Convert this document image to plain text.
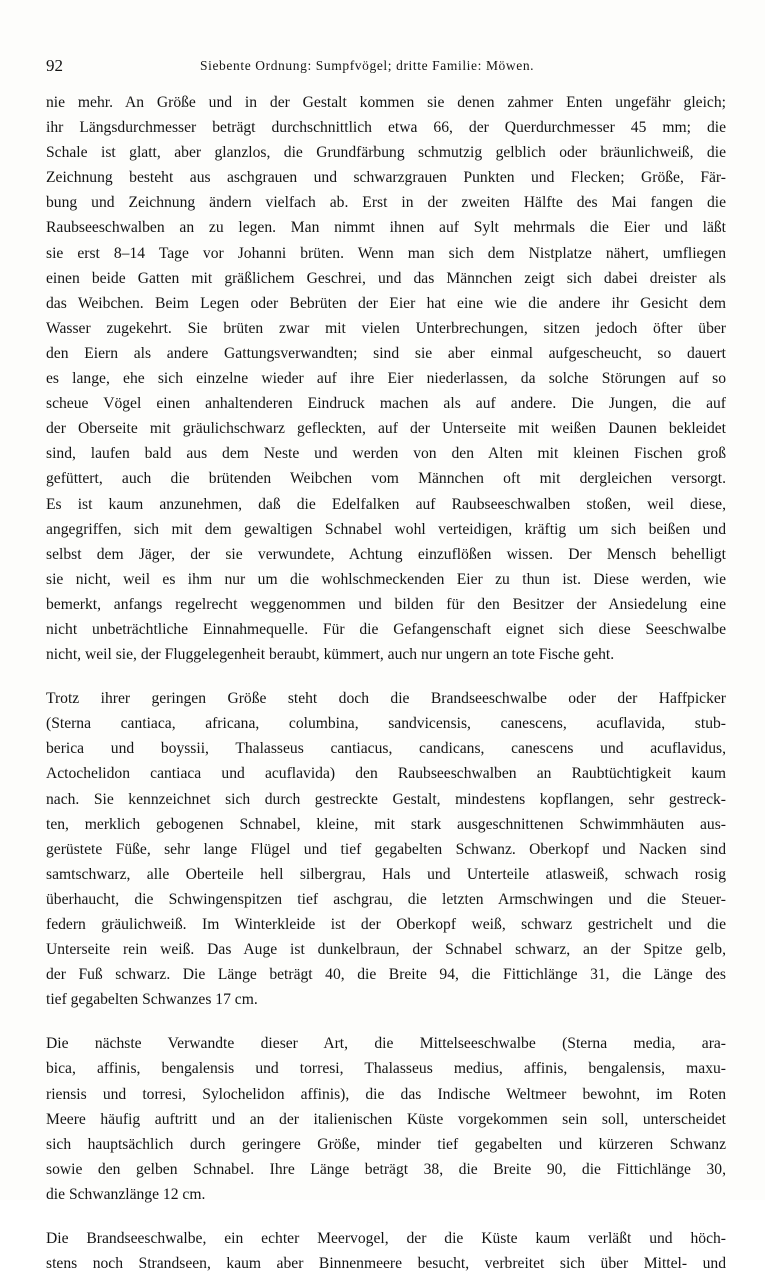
92	Siebente Ordnung: Sumpfvögel; dritte Familie: Möwen.

nie mehr. An Größe und in der Gestalt kommen sie denen zahmer Enten ungefähr gleich;
ihr Längsdurchmesser beträgt durchschnittlich etwa 66, der Querdurchmesser 45 mm; die
Schale ist glatt, aber glanzlos, die Grundfärbung schmutzig gelblich oder bräunlichweiß, die
Zeichnung besteht aus aschgrauen und schwarzgrauen Punkten und Flecken; Größe, Fär-
bung und Zeichnung ändern vielfach ab. Erst in der zweiten Hälfte des Mai fangen die
Raubseeschwalben an zu legen. Man nimmt ihnen auf Sylt mehrmals die Eier und läßt
sie erst 8–14 Tage vor Johanni brüten. Wenn man sich dem Nistplatze nähert, umfliegen
einen beide Gatten mit gräßlichem Geschrei, und das Männchen zeigt sich dabei dreister als
das Weibchen. Beim Legen oder Bebrüten der Eier hat eine wie die andere ihr Gesicht dem
Wasser zugekehrt. Sie brüten zwar mit vielen Unterbrechungen, sitzen jedoch öfter über
den Eiern als andere Gattungsverwandten; sind sie aber einmal aufgescheucht, so dauert
es lange, ehe sich einzelne wieder auf ihre Eier niederlassen, da solche Störungen auf so
scheue Vögel einen anhaltenderen Eindruck machen als auf andere. Die Jungen, die auf
der Oberseite mit gräulichschwarz gefleckten, auf der Unterseite mit weißen Daunen bekleidet
sind, laufen bald aus dem Neste und werden von den Alten mit kleinen Fischen groß
gefüttert, auch die brütenden Weibchen vom Männchen oft mit dergleichen versorgt.
Es ist kaum anzunehmen, daß die Edelfalken auf Raubseeschwalben stoßen, weil diese,
angegriffen, sich mit dem gewaltigen Schnabel wohl verteidigen, kräftig um sich beißen und
selbst dem Jäger, der sie verwundete, Achtung einzuflößen wissen. Der Mensch behelligt
sie nicht, weil es ihm nur um die wohlschmeckenden Eier zu thun ist. Diese werden, wie
bemerkt, anfangs regelrecht weggenommen und bilden für den Besitzer der Ansiedelung eine
nicht unbeträchtliche Einnahmequelle. Für die Gefangenschaft eignet sich diese Seeschwalbe
nicht, weil sie, der Fluggelegenheit beraubt, kümmert, auch nur ungern an tote Fische geht.

Trotz ihrer geringen Größe steht doch die Brandseeschwalbe oder der Haffpicker
(Sterna cantiaca, africana, columbina, sandvicensis, canescens, acuflavida, stub-
berica und boyssii, Thalasseus cantiacus, candicans, canescens und acuflavidus,
Actochelidon cantiaca und acuflavida) den Raubseeschwalben an Raubtüchtigkeit kaum
nach. Sie kennzeichnet sich durch gestreckte Gestalt, mindestens kopflangen, sehr gestreck-
ten, merklich gebogenen Schnabel, kleine, mit stark ausgeschnittenen Schwimmhäuten aus-
gerüstete Füße, sehr lange Flügel und tief gegabelten Schwanz. Oberkopf und Nacken sind
samtschwarz, alle Oberteile hell silbergrau, Hals und Unterteile atlasweiß, schwach rosig
überhaucht, die Schwingenspitzen tief aschgrau, die letzten Armschwingen und die Steuer-
federn gräulichweiß. Im Winterkleide ist der Oberkopf weiß, schwarz gestrichelt und die
Unterseite rein weiß. Das Auge ist dunkelbraun, der Schnabel schwarz, an der Spitze gelb,
der Fuß schwarz. Die Länge beträgt 40, die Breite 94, die Fittichlänge 31, die Länge des
tief gegabelten Schwanzes 17 cm.

Die nächste Verwandte dieser Art, die Mittelseeschwalbe (Sterna media, ara-
bica, affinis, bengalensis und torresi, Thalasseus medius, affinis, bengalensis, maxu-
riensis und torresi, Sylochelidon affinis), die das Indische Weltmeer bewohnt, im Roten
Meere häufig auftritt und an der italienischen Küste vorgekommen sein soll, unterscheidet
sich hauptsächlich durch geringere Größe, minder tief gegabelten und kürzeren Schwanz
sowie den gelben Schnabel. Ihre Länge beträgt 38, die Breite 90, die Fittichlänge 30,
die Schwanzlänge 12 cm.

Die Brandseeschwalbe, ein echter Meervogel, der die Küste kaum verläßt und höch-
stens noch Strandseen, kaum aber Binnenmeere besucht, verbreitet sich über Mittel- und
